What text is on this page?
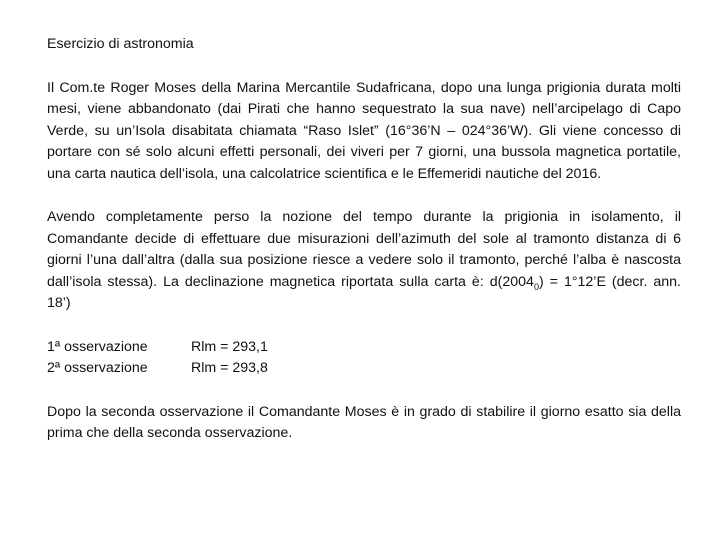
Esercizio di astronomia

Il Com.te Roger Moses della Marina Mercantile Sudafricana, dopo una lunga prigionia durata molti mesi, viene abbandonato (dai Pirati che hanno sequestrato la sua nave) nell’arcipelago di Capo Verde, su un’Isola disabitata chiamata “Raso Islet” (16°36’N – 024°36’W). Gli viene concesso di portare con sé solo alcuni effetti personali, dei viveri per 7 giorni, una bussola magnetica portatile, una carta nautica dell’isola, una calcolatrice scientifica e le Effemeridi nautiche del 2016.

Avendo completamente perso la nozione del tempo durante la prigionia in isolamento, il Comandante decide di effettuare due misurazioni dell’azimuth del sole al tramonto distanza di 6 giorni l’una dall’altra (dalla sua posizione riesce a vedere solo il tramonto, perché l’alba è nascosta dall’isola stessa). La declinazione magnetica riportata sulla carta è: $d(2004_0)$ = 1°12’E (decr. ann. 18’)

1ª osservazione	Rlm = 293,1
2ª osservazione	Rlm = 293,8

Dopo la seconda osservazione il Comandante Moses è in grado di stabilire il giorno esatto sia della prima che della seconda osservazione.
